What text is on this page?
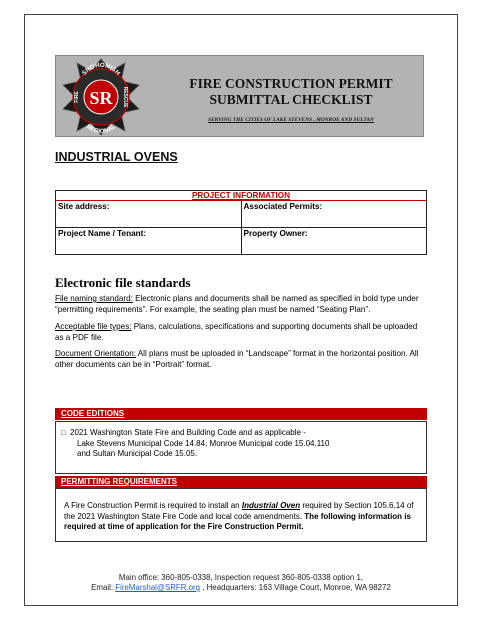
SNOHOMISH
REGIONAL
FIRE	RESCUE
SR
FIRE CONSTRUCTION PERMIT
SUBMITTAL CHECKLIST
SERVING THE CITIES OF LAKE STEVENS , MONROE AND SULTAN
INDUSTRIAL OVENS
PROJECT INFORMATION	
Site address:	Associated Permits:
Project Name / Tenant:	Property Owner:
Electronic file standards
File naming standard: Electronic plans and documents shall be named as specified in bold type under “permitting requirements”. For example, the seating plan must be named “Seating Plan”.
Acceptable file types: Plans, calculations, specifications and supporting documents shall be uploaded as a PDF file.
Document Orientation: All plans must be uploaded in “Landscape” format in the horizontal position. All other documents can be in “Portrait” format.
CODE EDITIONS
□ 2021 Washington State Fire and Building Code and as applicable -
Lake Stevens Municipal Code 14.84, Monroe Municipal code 15.04.110
and Sultan Municipal Code 15.05.
PERMITTING REQUIREMENTS
A Fire Construction Permit is required to install an Industrial Oven required by Section 105.6.14 of the 2021 Washington State Fire Code and local code amendments. The following information is required at time of application for the Fire Construction Permit.
Main office: 360-805-0338, Inspection request 360-805-0338 option 1,
Email: FireMarshal@SRFR.org , Headquarters: 163 Village Court, Monroe, WA 98272
